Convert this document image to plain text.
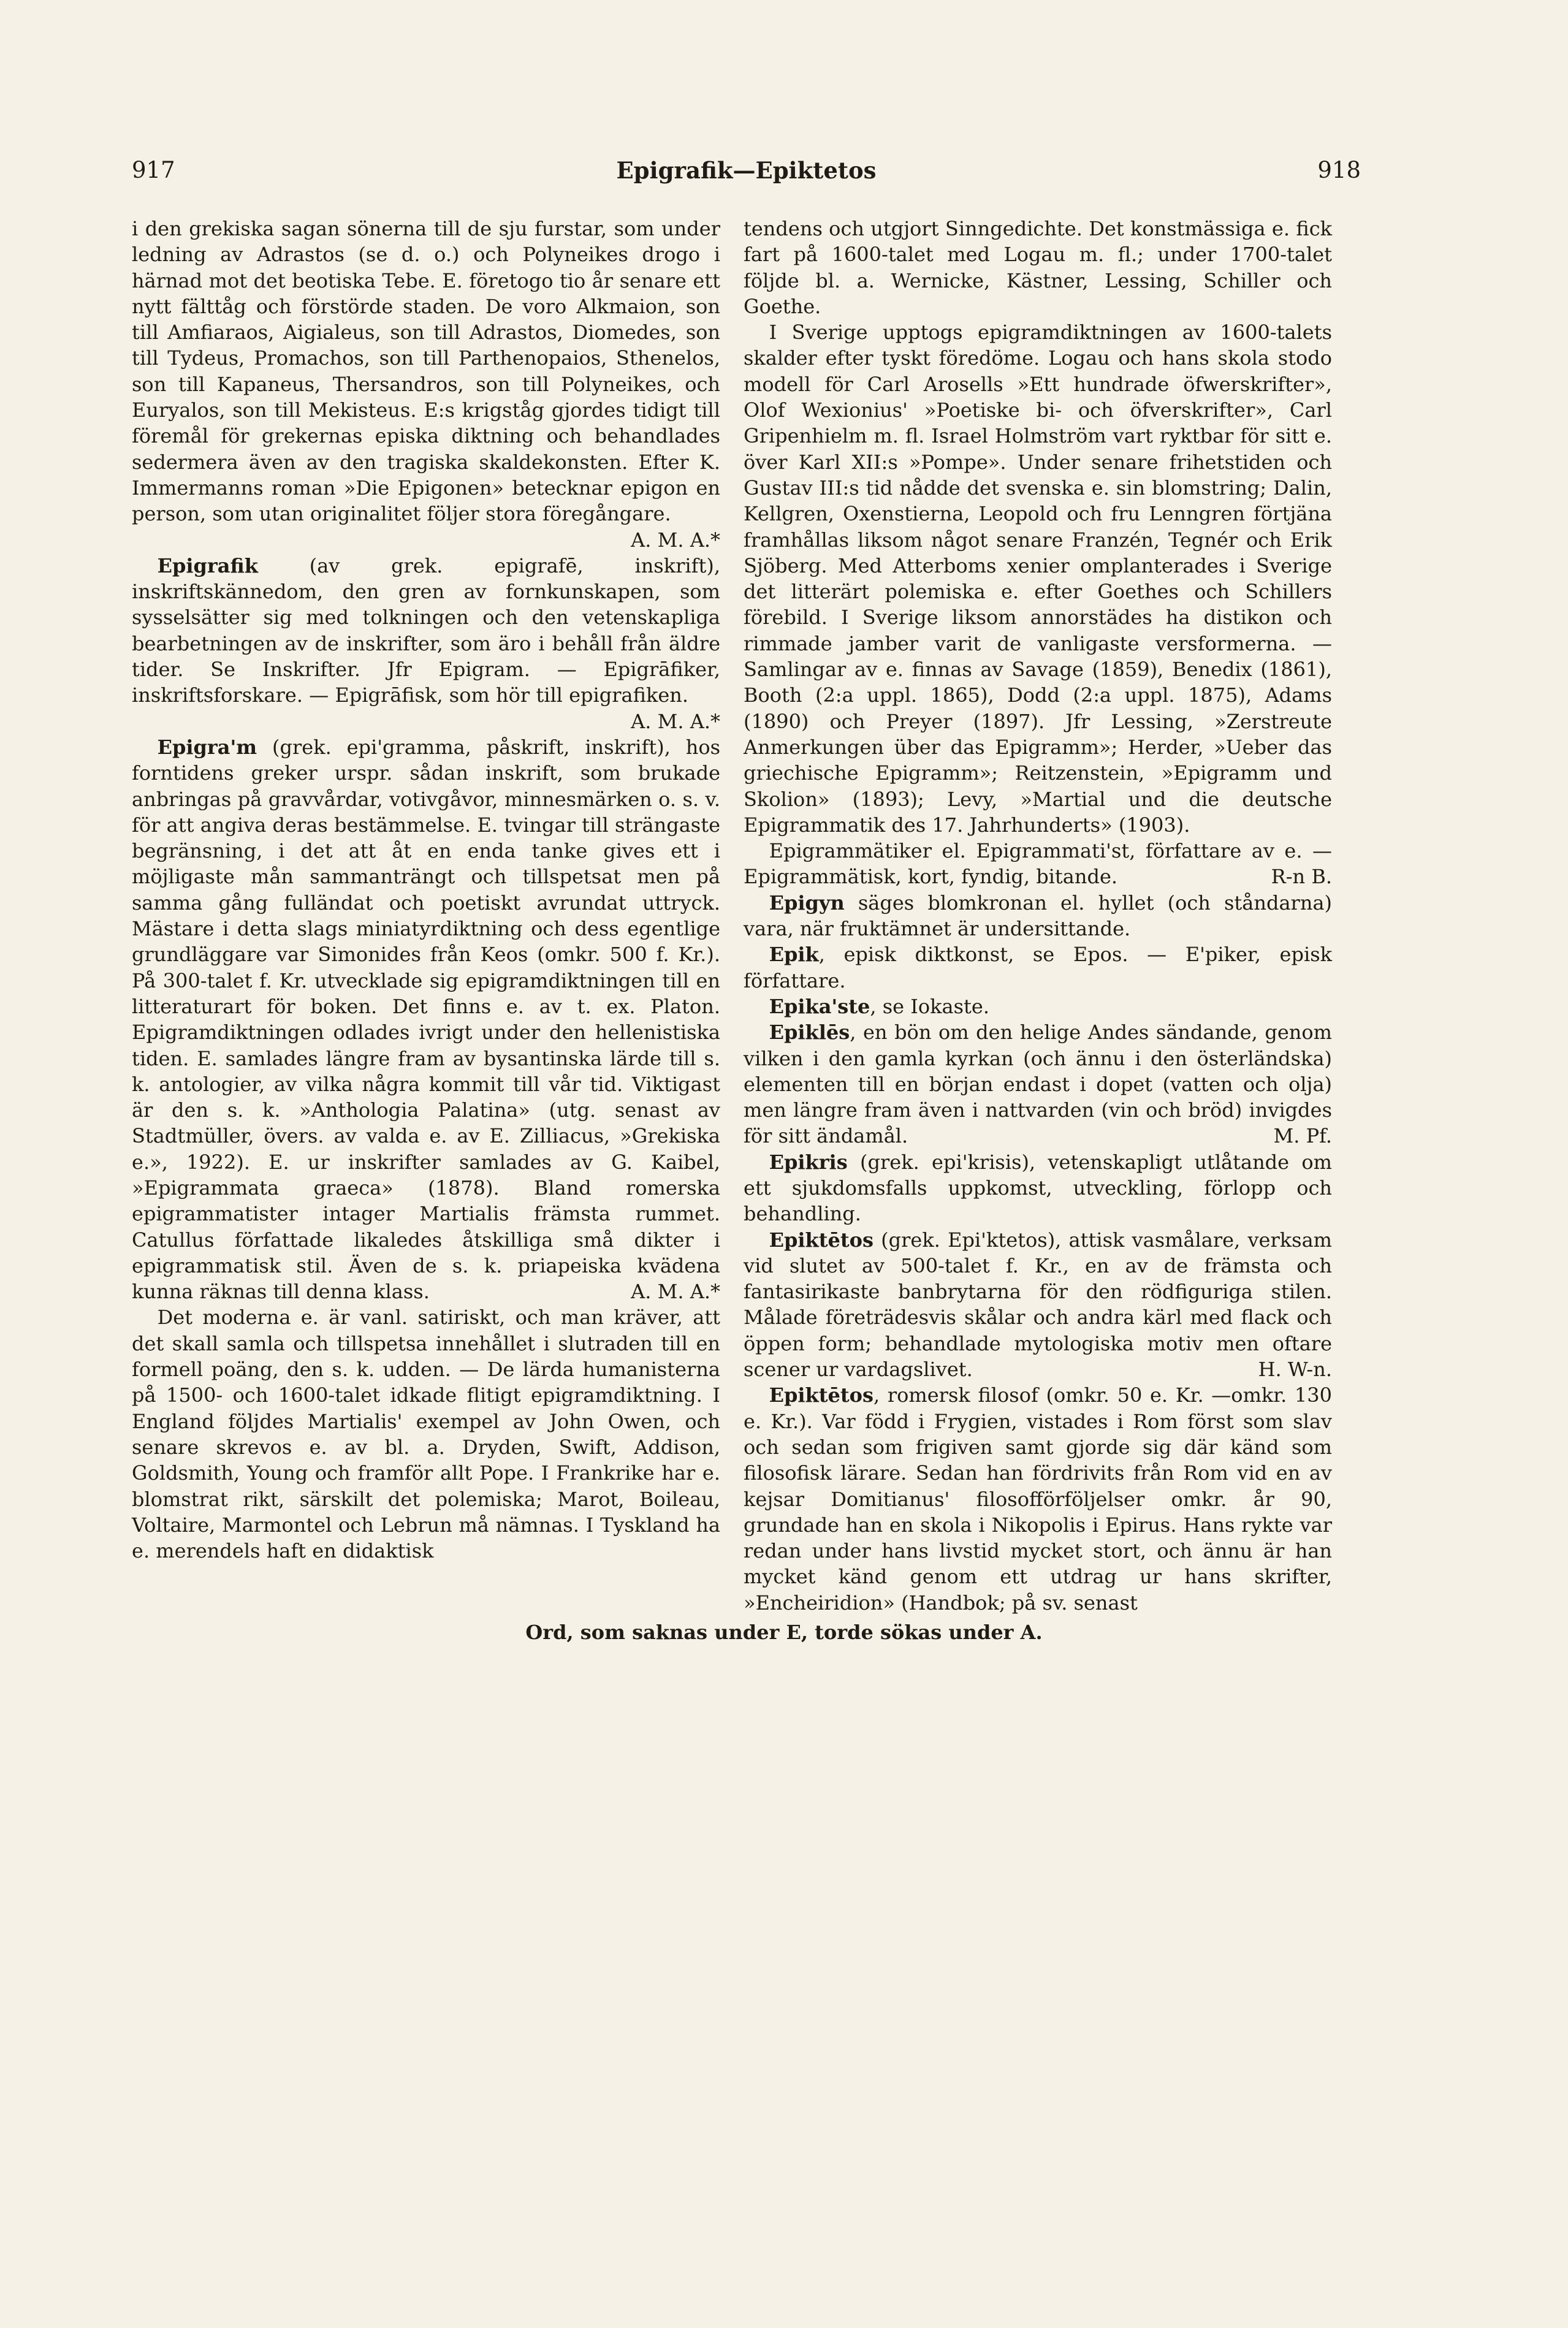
917	Epigrafik—Epiktetos	918

i den grekiska sagan sönerna till de sju furstar, som under ledning av Adrastos (se d. o.) och Polyneikes drogo i härnad mot det beotiska Tebe. E. företogo tio år senare ett nytt fälttåg och förstörde staden. De voro Alkmaion, son till Amfiaraos, Aigialeus, son till Adrastos, Diomedes, son till Tydeus, Promachos, son till Parthenopaios, Sthenelos, son till Kapaneus, Thersandros, son till Polyneikes, och Euryalos, son till Mekisteus. E:s krigståg gjordes tidigt till föremål för grekernas episka diktning och behandlades sedermera även av den tragiska skaldekonsten. Efter K. Immermanns roman »Die Epigonen» betecknar epigon en person, som utan originalitet följer stora föregångare.
A. M. A.*

Epigrafik (av grek. epigrafē, inskrift), inskriftskännedom, den gren av fornkunskapen, som sysselsätter sig med tolkningen och den vetenskapliga bearbetningen av de inskrifter, som äro i behåll från äldre tider. Se Inskrifter. Jfr Epigram. — Epigrāfiker, inskriftsforskare. — Epigrāfisk, som hör till epigrafiken.
A. M. A.*

Epigra'm (grek. epi'gramma, påskrift, inskrift), hos forntidens greker urspr. sådan inskrift, som brukade anbringas på gravvårdar, votivgåvor, minnesmärken o. s. v. för att angiva deras bestämmelse. E. tvingar till strängaste begränsning, i det att åt en enda tanke gives ett i möjligaste mån sammanträngt och tillspetsat men på samma gång fulländat och poetiskt avrundat uttryck. Mästare i detta slags miniatyrdiktning och dess egentlige grundläggare var Simonides från Keos (omkr. 500 f. Kr.). På 300-talet f. Kr. utvecklade sig epigramdiktningen till en litteraturart för boken. Det finns e. av t. ex. Platon. Epigramdiktningen odlades ivrigt under den hellenistiska tiden. E. samlades längre fram av bysantinska lärde till s. k. antologier, av vilka några kommit till vår tid. Viktigast är den s. k. »Anthologia Palatina» (utg. senast av Stadtmüller, övers. av valda e. av E. Zilliacus, »Grekiska e.», 1922). E. ur inskrifter samlades av G. Kaibel, »Epigrammata graeca» (1878). Bland romerska epigrammatister intager Martialis främsta rummet. Catullus författade likaledes åtskilliga små dikter i epigrammatisk stil. Även de s. k. priapeiska kvädena kunna räknas till denna klass.	A. M. A.*

Det moderna e. är vanl. satiriskt, och man kräver, att det skall samla och tillspetsa innehållet i slutraden till en formell poäng, den s. k. udden. — De lärda humanisterna på 1500- och 1600-talet idkade flitigt epigramdiktning. I England följdes Martialis' exempel av John Owen, och senare skrevos e. av bl. a. Dryden, Swift, Addison, Goldsmith, Young och framför allt Pope. I Frankrike har e. blomstrat rikt, särskilt det polemiska; Marot, Boileau, Voltaire, Marmontel och Lebrun må nämnas. I Tyskland ha e. merendels haft en didaktisk

tendens och utgjort Sinngedichte. Det konstmässiga e. fick fart på 1600-talet med Logau m. fl.; under 1700-talet följde bl. a. Wernicke, Kästner, Lessing, Schiller och Goethe.

I Sverige upptogs epigramdiktningen av 1600-talets skalder efter tyskt föredöme. Logau och hans skola stodo modell för Carl Arosells »Ett hundrade öfwerskrifter», Olof Wexionius' »Poetiske bi- och öfverskrifter», Carl Gripenhielm m. fl. Israel Holmström vart ryktbar för sitt e. över Karl XII:s »Pompe». Under senare frihetstiden och Gustav III:s tid nådde det svenska e. sin blomstring; Dalin, Kellgren, Oxenstierna, Leopold och fru Lenngren förtjäna framhållas liksom något senare Franzén, Tegnér och Erik Sjöberg. Med Atterboms xenier omplanterades i Sverige det litterärt polemiska e. efter Goethes och Schillers förebild. I Sverige liksom annorstädes ha distikon och rimmade jamber varit de vanligaste versformerna. — Samlingar av e. finnas av Savage (1859), Benedix (1861), Booth (2:a uppl. 1865), Dodd (2:a uppl. 1875), Adams (1890) och Preyer (1897). Jfr Lessing, »Zerstreute Anmerkungen über das Epigramm»; Herder, »Ueber das griechische Epigramm»; Reitzenstein, »Epigramm und Skolion» (1893); Levy, »Martial und die deutsche Epigrammatik des 17. Jahrhunderts» (1903).

Epigrammätiker el. Epigrammati'st, författare av e. — Epigrammätisk, kort, fyndig, bitande.	R-n B.

Epigyn säges blomkronan el. hyllet (och ståndarna) vara, när fruktämnet är undersittande.

Epik, episk diktkonst, se Epos. — E'piker, episk författare.

Epika'ste, se Iokaste.

Epiklēs, en bön om den helige Andes sändande, genom vilken i den gamla kyrkan (och ännu i den österländska) elementen till en början endast i dopet (vatten och olja) men längre fram även i nattvarden (vin och bröd) invigdes för sitt ändamål.	M. Pf.

Epikris (grek. epi'krisis), vetenskapligt utlåtande om ett sjukdomsfalls uppkomst, utveckling, förlopp och behandling.

Epiktētos (grek. Epi'ktetos), attisk vasmålare, verksam vid slutet av 500-talet f. Kr., en av de främsta och fantasirikaste banbrytarna för den rödfiguriga stilen. Målade företrädesvis skålar och andra kärl med flack och öppen form; behandlade mytologiska motiv men oftare scener ur vardagslivet.	H. W-n.

Epiktētos, romersk filosof (omkr. 50 e. Kr. —omkr. 130 e. Kr.). Var född i Frygien, vistades i Rom först som slav och sedan som frigiven samt gjorde sig där känd som filosofisk lärare. Sedan han fördrivits från Rom vid en av kejsar Domitianus' filosofförföljelser omkr. år 90, grundade han en skola i Nikopolis i Epirus. Hans rykte var redan under hans livstid mycket stort, och ännu är han mycket känd genom ett utdrag ur hans skrifter, »Encheiridion» (Handbok; på sv. senast

Ord, som saknas under E, torde sökas under A.
